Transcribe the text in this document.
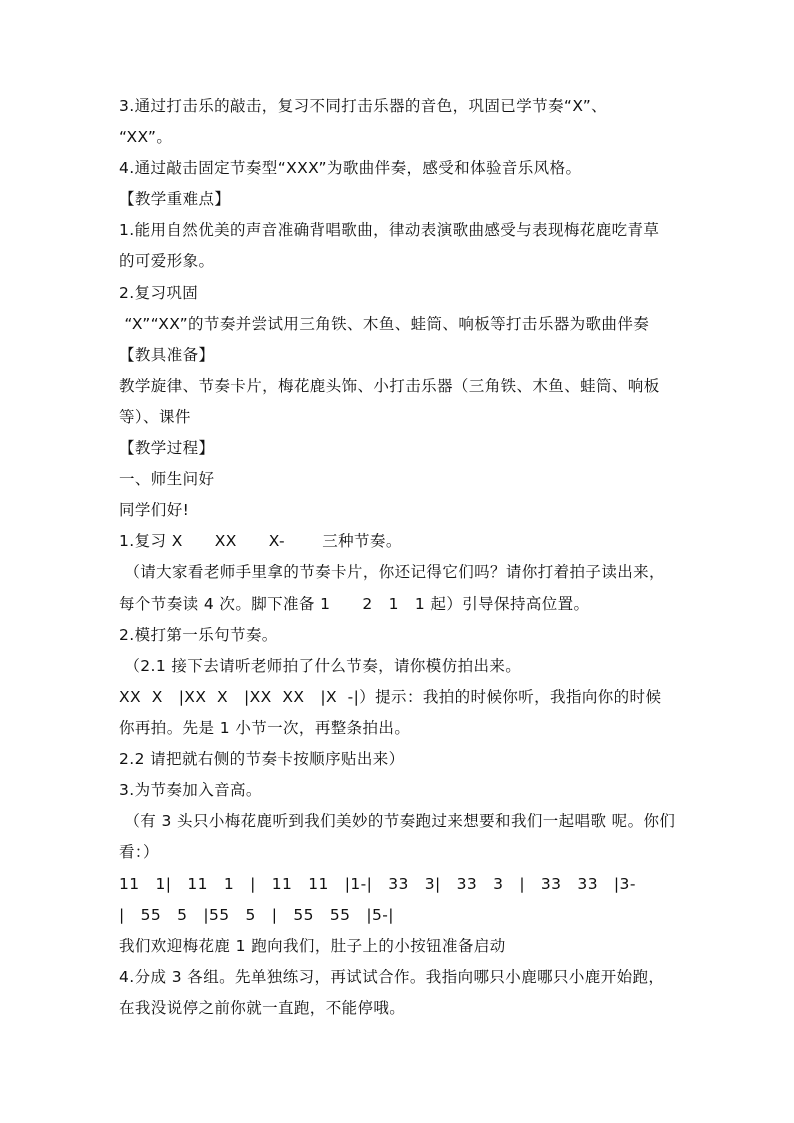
3.通过打击乐的敲击，复习不同打击乐器的音色，巩固已学节奏“X”、
“XX”。
4.通过敲击固定节奏型“XXX”为歌曲伴奏，感受和体验音乐风格。
【教学重难点】
1.能用自然优美的声音准确背唱歌曲，律动表演歌曲感受与表现梅花鹿吃青草
的可爱形象。
2.复习巩固
“X”“XX”的节奏并尝试用三角铁、木鱼、蛙筒、响板等打击乐器为歌曲伴奏
【教具准备】
教学旋律、节奏卡片，梅花鹿头饰、小打击乐器（三角铁、木鱼、蛙筒、响板
等）、课件
【教学过程】
一、师生问好
同学们好!
1.复习 X      XX      X-       三种节奏。
（请大家看老师手里拿的节奏卡片，你还记得它们吗？请你打着拍子读出来，
每个节奏读 4 次。脚下准备 1      2   1   1 起）引导保持高位置。
2.模打第一乐句节奏。
（2.1 接下去请听老师拍了什么节奏，请你模仿拍出来。
XX  X   |XX  X   |XX  XX   |X  -|）提示：我拍的时候你听，我指向你的时候
你再拍。先是 1 小节一次，再整条拍出。
2.2 请把就右侧的节奏卡按顺序贴出来）
3.为节奏加入音高。
（有 3 头只小梅花鹿听到我们美妙的节奏跑过来想要和我们一起唱歌 呢。你们
看：）
11   1|   11   1   |   11   11   |1-|   33   3|   33   3   |   33   33   |3-
|   55   5   |55   5   |   55   55   |5-|
我们欢迎梅花鹿 1 跑向我们，肚子上的小按钮准备启动
4.分成 3 各组。先单独练习，再试试合作。我指向哪只小鹿哪只小鹿开始跑，
在我没说停之前你就一直跑，不能停哦。
